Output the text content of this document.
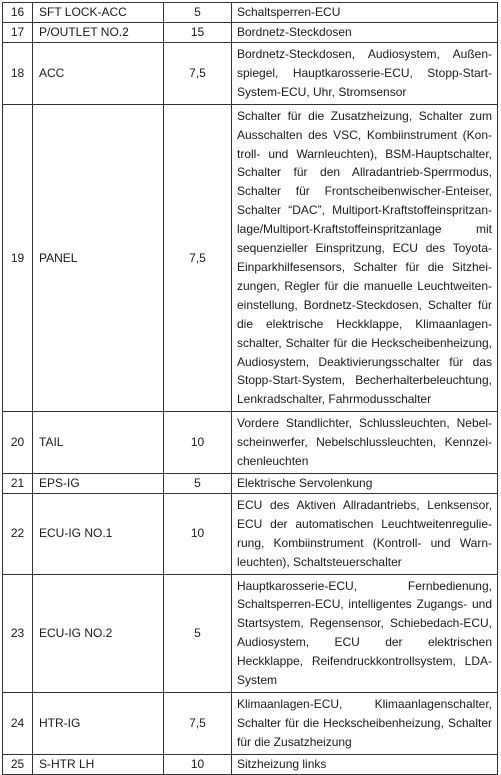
16	SFT LOCK-ACC	5	Schaltsperren-ECU
17	P/OUTLET NO.2	15	Bordnetz-Steckdosen
18	ACC	7,5	Bordnetz-Steckdosen, Audiosystem, Außenspiegel, Hauptkarosserie-ECU, Stopp-Start-System-ECU, Uhr, Stromsensor
19	PANEL	7,5	Schalter für die Zusatzheizung, Schalter zum Ausschalten des VSC, Kombiinstrument (Kontroll- und Warnleuchten), BSM-Hauptschalter, Schalter für den Allradantrieb-Sperrmodus, Schalter für Frontscheibenwischer-Enteiser, Schalter “DAC”, Multiport-Kraftstoffeinspritzanlage/Multiport-Kraftstoffeinspritzanlage mit sequenzieller Einspritzung, ECU des Toyota-Einparkhilfesensors, Schalter für die Sitzheizungen, Regler für die manuelle Leuchtweiteneinstellung, Bordnetz-Steckdosen, Schalter für die elektrische Heckklappe, Klimaanlagenschalter, Schalter für die Heckscheibenheizung, Audiosystem, Deaktivierungsschalter für das Stopp-Start-System, Becherhalterbeleuchtung, Lenkradschalter, Fahrmodusschalter
20	TAIL	10	Vordere Standlichter, Schlussleuchten, Nebelscheinwerfer, Nebelschlussleuchten, Kennzeichenleuchten
21	EPS-IG	5	Elektrische Servolenkung
22	ECU-IG NO.1	10	ECU des Aktiven Allradantriebs, Lenksensor, ECU der automatischen Leuchtweitenregulierung, Kombiinstrument (Kontroll- und Warnleuchten), Schaltsteuerschalter
23	ECU-IG NO.2	5	Hauptkarosserie-ECU, Fernbedienung, Schaltsperren-ECU, intelligentes Zugangs- und Startsystem, Regensensor, Schiebedach-ECU, Audiosystem, ECU der elektrischen Heckklappe, Reifendruckkontrollsystem, LDA-System
24	HTR-IG	7,5	Klimaanlagen-ECU, Klimaanlagenschalter, Schalter für die Heckscheibenheizung, Schalter für die Zusatzheizung
25	S-HTR LH	10	Sitzheizung links
